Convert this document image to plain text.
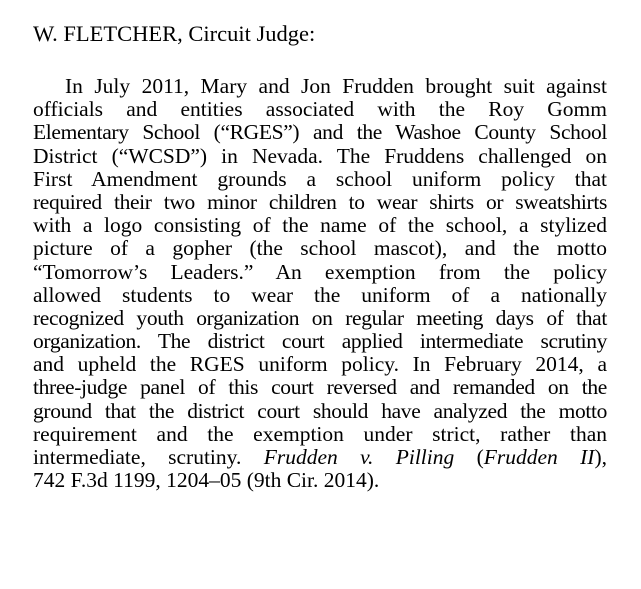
W. FLETCHER, Circuit Judge:
In July 2011, Mary and Jon Frudden brought suit against
officials and entities associated with the Roy Gomm
Elementary School (“RGES”) and the Washoe County School
District (“WCSD”) in Nevada. The Fruddens challenged on
First Amendment grounds a school uniform policy that
required their two minor children to wear shirts or sweatshirts
with a logo consisting of the name of the school, a stylized
picture of a gopher (the school mascot), and the motto
“Tomorrow’s Leaders.” An exemption from the policy
allowed students to wear the uniform of a nationally
recognized youth organization on regular meeting days of that
organization. The district court applied intermediate scrutiny
and upheld the RGES uniform policy. In February 2014, a
three-judge panel of this court reversed and remanded on the
ground that the district court should have analyzed the motto
requirement and the exemption under strict, rather than
intermediate, scrutiny. Frudden v. Pilling (Frudden II),
742 F.3d 1199, 1204–05 (9th Cir. 2014).
